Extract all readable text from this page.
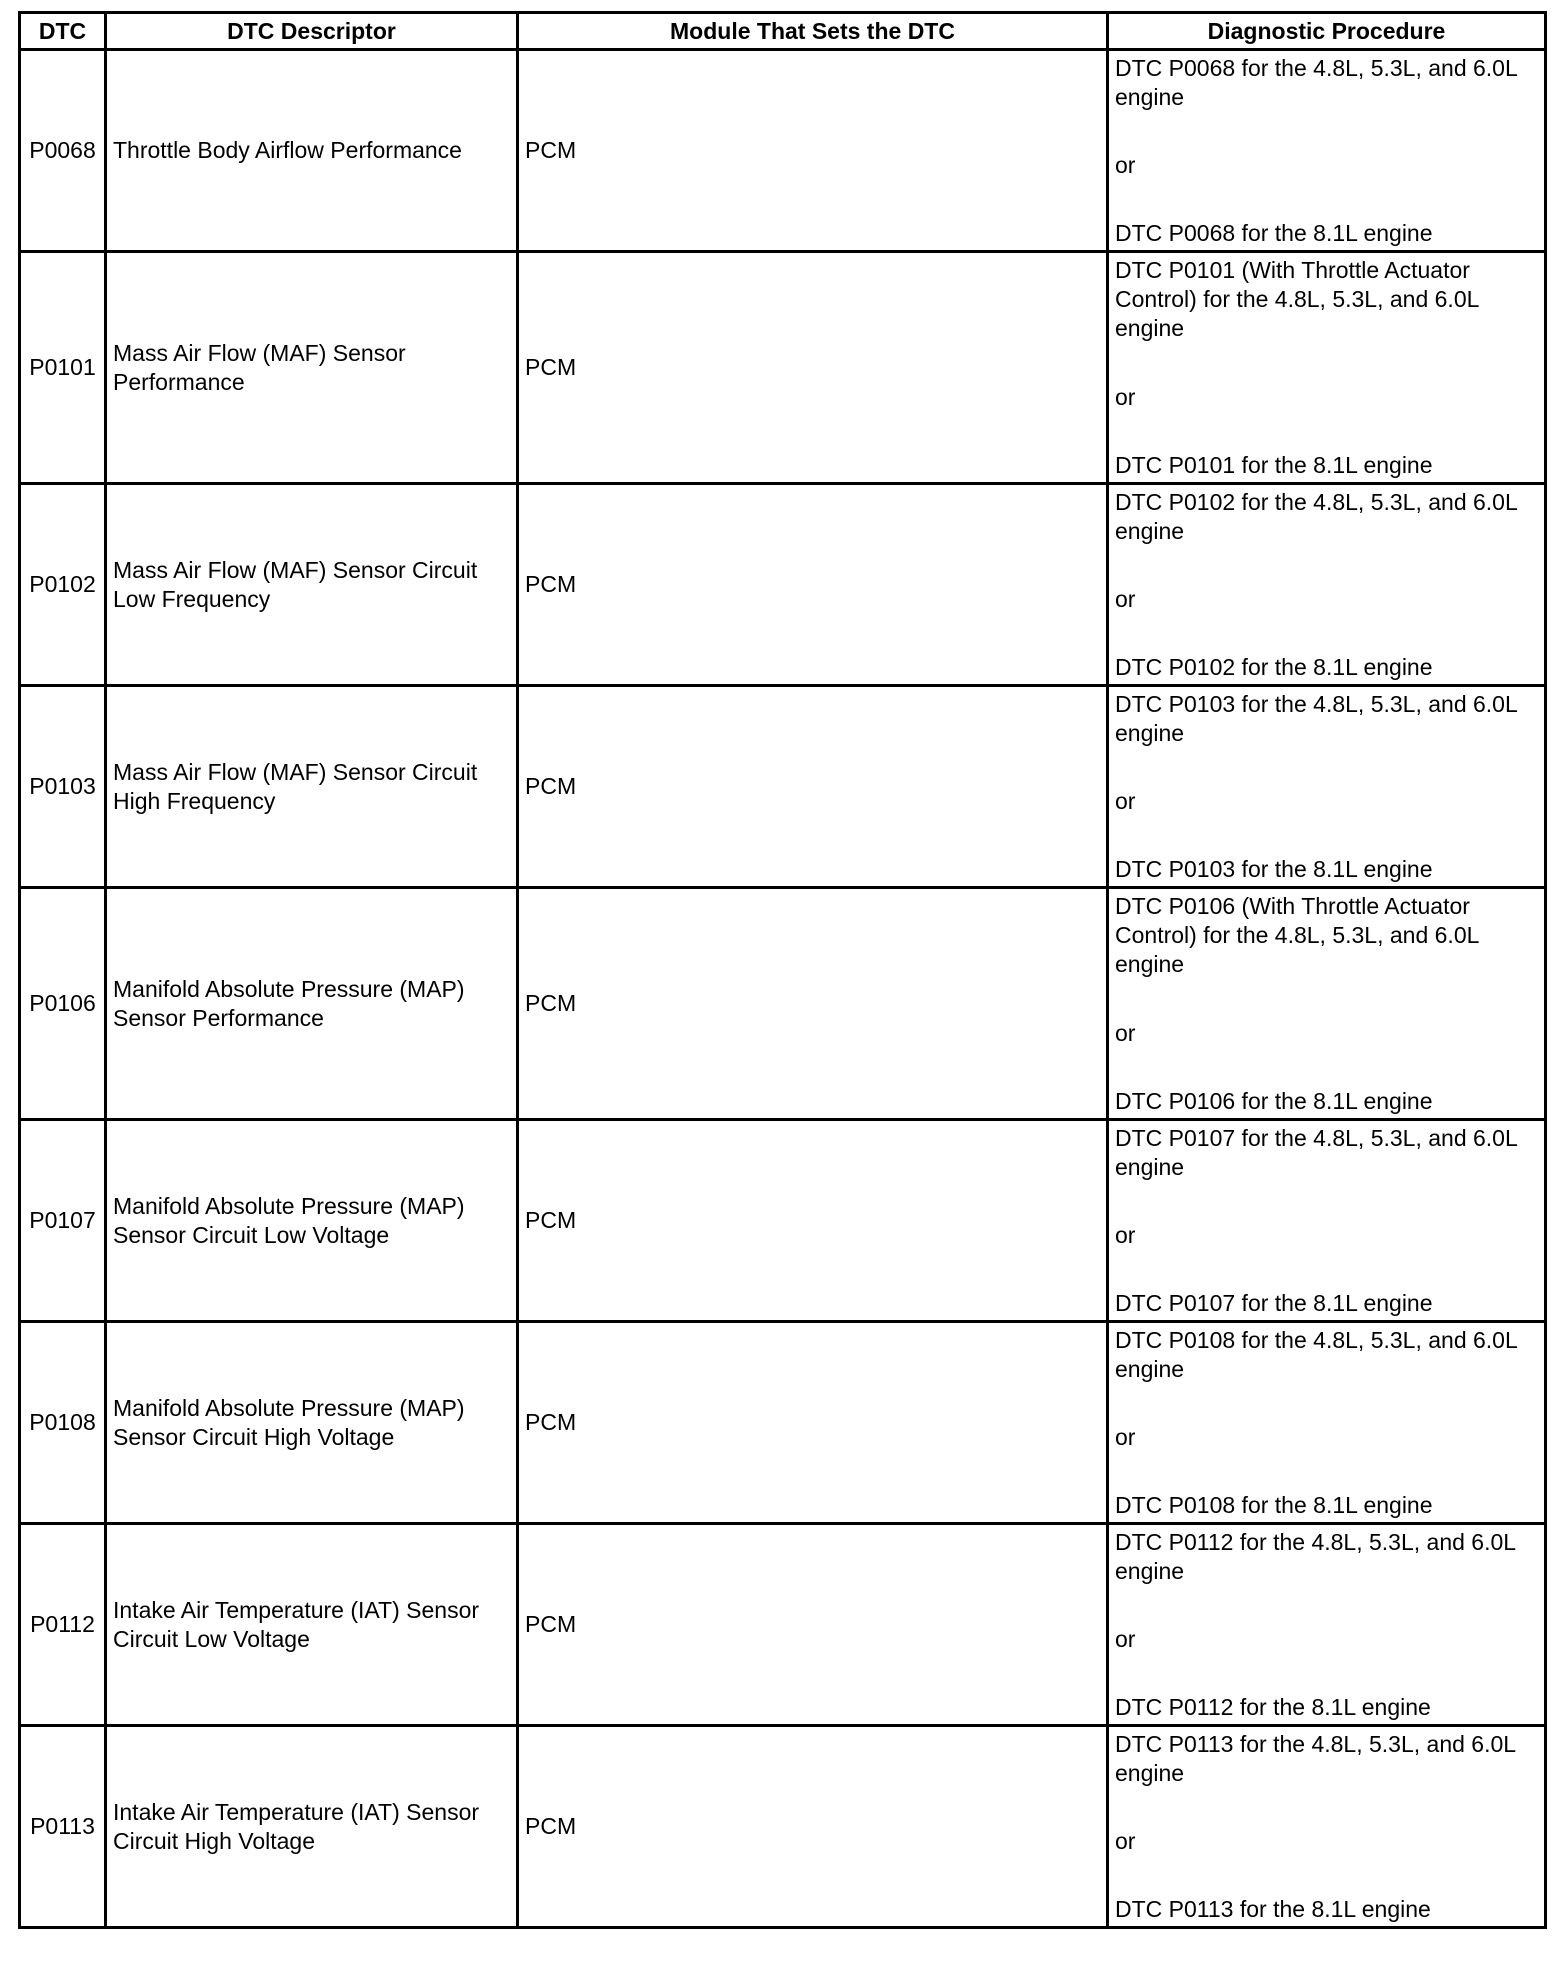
DTC	DTC Descriptor	Module That Sets the DTC	Diagnostic Procedure
P0068	Throttle Body Airflow Performance	PCM	DTC P0068 for the 4.8L, 5.3L, and 6.0L engine
or
DTC P0068 for the 8.1L engine

P0101	Mass Air Flow (MAF) Sensor Performance	PCM	DTC P0101 (With Throttle Actuator Control) for the 4.8L, 5.3L, and 6.0L engine
or
DTC P0101 for the 8.1L engine

P0102	Mass Air Flow (MAF) Sensor Circuit Low Frequency	PCM	DTC P0102 for the 4.8L, 5.3L, and 6.0L engine
or
DTC P0102 for the 8.1L engine

P0103	Mass Air Flow (MAF) Sensor Circuit High Frequency	PCM	DTC P0103 for the 4.8L, 5.3L, and 6.0L engine
or
DTC P0103 for the 8.1L engine

P0106	Manifold Absolute Pressure (MAP) Sensor Performance	PCM	DTC P0106 (With Throttle Actuator Control) for the 4.8L, 5.3L, and 6.0L engine
or
DTC P0106 for the 8.1L engine

P0107	Manifold Absolute Pressure (MAP) Sensor Circuit Low Voltage	PCM	DTC P0107 for the 4.8L, 5.3L, and 6.0L engine
or
DTC P0107 for the 8.1L engine

P0108	Manifold Absolute Pressure (MAP) Sensor Circuit High Voltage	PCM	DTC P0108 for the 4.8L, 5.3L, and 6.0L engine
or
DTC P0108 for the 8.1L engine

P0112	Intake Air Temperature (IAT) Sensor Circuit Low Voltage	PCM	DTC P0112 for the 4.8L, 5.3L, and 6.0L engine
or
DTC P0112 for the 8.1L engine

P0113	Intake Air Temperature (IAT) Sensor Circuit High Voltage	PCM	DTC P0113 for the 4.8L, 5.3L, and 6.0L engine
or
DTC P0113 for the 8.1L engine
